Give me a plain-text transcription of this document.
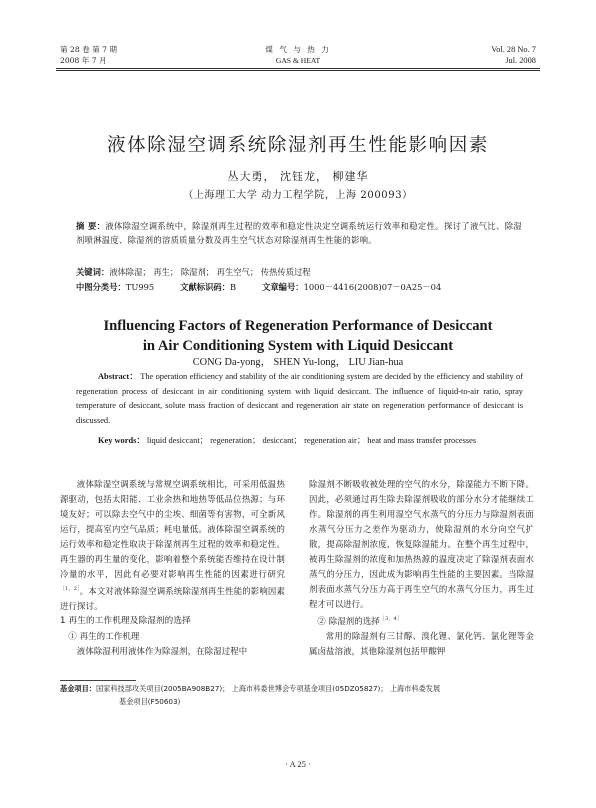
第 28 卷 第 7 期
2008 年 7 月
煤 气 与 热 力
GAS & HEAT
Vol. 28 No. 7
Jul. 2008
液体除湿空调系统除湿剂再生性能影响因素
丛大勇， 沈钰龙， 柳建华
（上海理工大学 动力工程学院，上海 200093）
摘 要：液体除湿空调系统中，除湿剂再生过程的效率和稳定性决定空调系统运行效率和稳定性。探讨了液气比、除湿剂喷淋温度、除湿剂的溶质质量分数及再生空气状态对除湿剂再生性能的影响。
关键词：液体除湿； 再生； 除湿剂； 再生空气； 传热传质过程
中图分类号：TU995	文献标识码：B	文章编号：1000－4416(2008)07－0A25－04
Influencing Factors of Regeneration Performance of Desiccant
in Air Conditioning System with Liquid Desiccant
CONG Da-yong， SHEN Yu-long， LIU Jian-hua
Abstract： The operation efficiency and stability of the air conditioning system are decided by the efficiency and stability of regeneration process of desiccant in air conditioning system with liquid desiccant. The influence of liquid-to-air ratio, spray temperature of desiccant, solute mass fraction of desiccant and regeneration air state on regeneration performance of desiccant is discussed.
Key words： liquid desiccant； regeneration； desiccant； regeneration air； heat and mass transfer processes

液体除湿空调系统与常规空调系统相比，可采用低温热源驱动，包括太阳能、工业余热和地热等低品位热源；与环境友好；可以除去空气中的尘埃、细菌等有害物，可全新风运行，提高室内空气品质；耗电量低。液体除湿空调系统的运行效率和稳定性取决于除湿剂再生过程的效率和稳定性。再生器的再生量的变化，影响着整个系统能否维持在设计制冷量的水平，因此有必要对影响再生性能的因素进行研究$^{[1,2]}$。本文对液体除湿空调系统除湿剂再生性能的影响因素进行探讨。

1 再生的工作机理及除湿剂的选择

① 再生的工作机理

液体除湿利用液体作为除湿剂，在除湿过程中

除湿剂不断吸收被处理的空气的水分，除湿能力不断下降。因此，必须通过再生除去除湿剂吸收的部分水分才能继续工作。除湿剂的再生利用湿空气水蒸气的分压力与除湿剂表面水蒸气分压力之差作为驱动力，使除湿剂的水分向空气扩散，提高除湿剂浓度，恢复除湿能力。在整个再生过程中，被再生除湿剂的浓度和加热热源的温度决定了除湿剂表面水蒸气的分压力，因此成为影响再生性能的主要因素。当除湿剂表面水蒸气分压力高于再生空气的水蒸气分压力，再生过程才可以进行。

② 除湿剂的选择$^{[3,4]}$

常用的除湿剂有三甘醇、溴化锂、氯化钙、氯化锂等金属卤盐溶液，其他除湿剂包括甲酸钾

基金项目：国家科技部攻关项目(2005BA908B27)； 上海市科委世博会专项基金项目(05DZ05827)； 上海市科委发展
基金项目(F50603)
· A 25 ·
